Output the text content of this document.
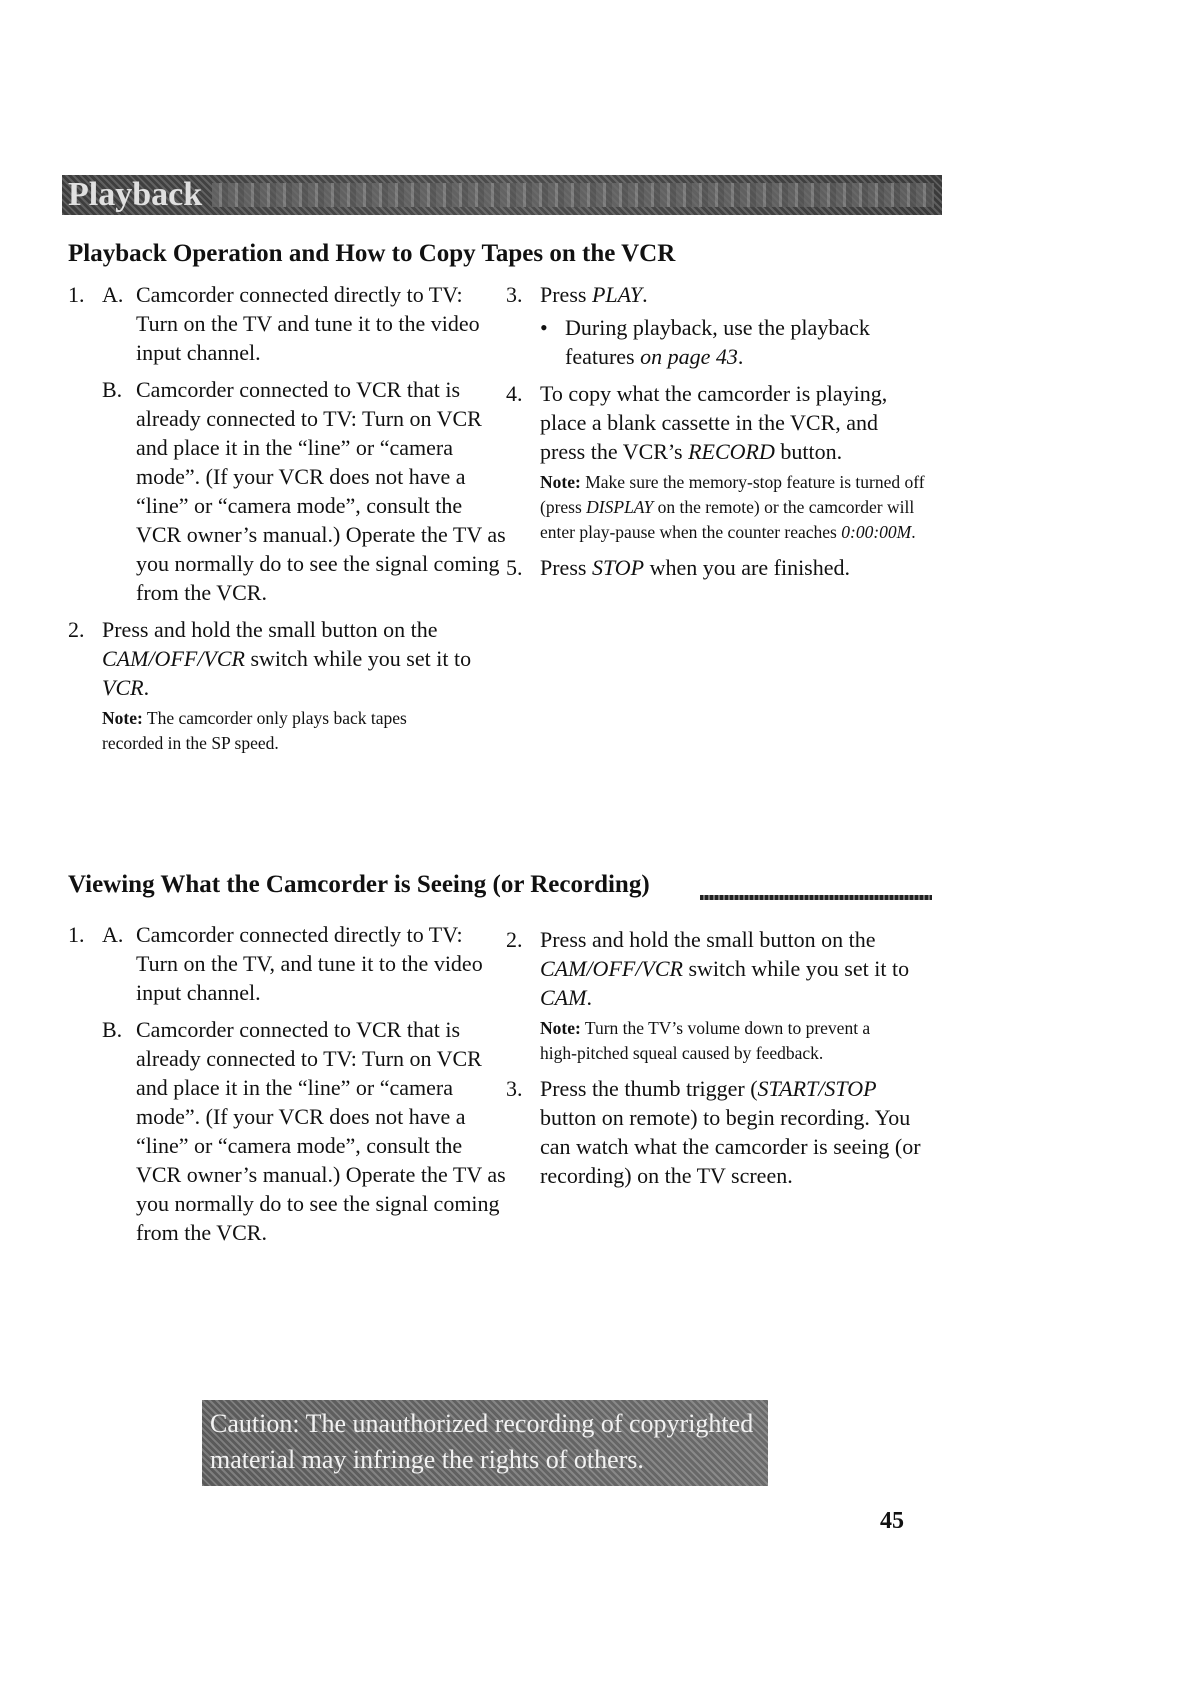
Playback
Playback Operation and How to Copy Tapes on the VCR
1. A. Camcorder connected directly to TV: Turn on the TV and tune it to the video input channel.
B. Camcorder connected to VCR that is already connected to TV: Turn on VCR and place it in the “line” or “camera mode”. (If your VCR does not have a “line” or “camera mode”, consult the VCR owner’s manual.) Operate the TV as you normally do to see the signal coming from the VCR.
2. Press and hold the small button on the CAM/OFF/VCR switch while you set it to VCR.
Note: The camcorder only plays back tapes recorded in the SP speed.
3. Press PLAY.
• During playback, use the playback features on page 43.
4. To copy what the camcorder is playing, place a blank cassette in the VCR, and press the VCR’s RECORD button.
Note: Make sure the memory-stop feature is turned off (press DISPLAY on the remote) or the camcorder will enter play-pause when the counter reaches 0:00:00M.
5. Press STOP when you are finished.
Viewing What the Camcorder is Seeing (or Recording)
1. A. Camcorder connected directly to TV: Turn on the TV, and tune it to the video input channel.
B. Camcorder connected to VCR that is already connected to TV: Turn on VCR and place it in the “line” or “camera mode”. (If your VCR does not have a “line” or “camera mode”, consult the VCR owner’s manual.) Operate the TV as you normally do to see the signal coming from the VCR.
2. Press and hold the small button on the CAM/OFF/VCR switch while you set it to CAM.
Note: Turn the TV’s volume down to prevent a high-pitched squeal caused by feedback.
3. Press the thumb trigger (START/STOP button on remote) to begin recording. You can watch what the camcorder is seeing (or recording) on the TV screen.

Caution: The unauthorized recording of copyrighted material may infringe the rights of others.

45
